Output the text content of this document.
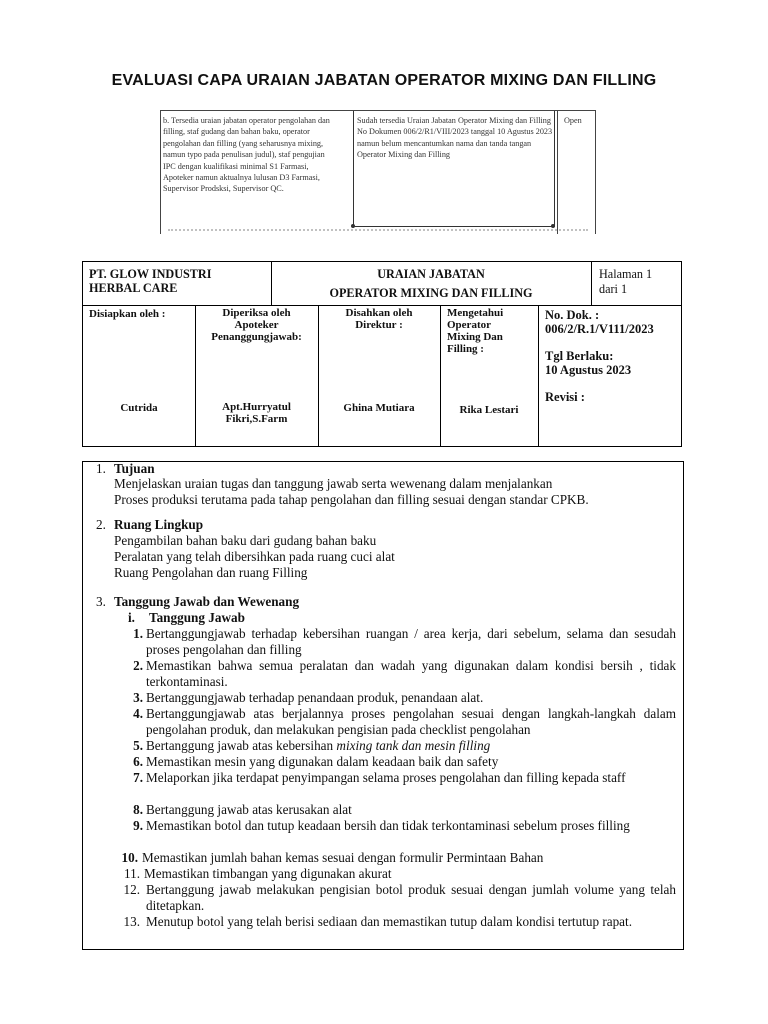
EVALUASI CAPA URAIAN JABATAN OPERATOR MIXING DAN FILLING
b. Tersedia uraian jabatan operator pengolahan dan filling, staf gudang dan bahan baku, operator pengolahan dan filling (yang seharusnya mixing, namun typo pada penulisan judul), staf pengujian IPC dengan kualifikasi minimal S1 Farmasi, Apoteker namun aktualnya lulusan D3 Farmasi, Supervisor Prodsksi, Supervisor QC.
Sudah tersedia Uraian Jabatan Operator Mixing dan Filling No Dokumen 006/2/R1/VIII/2023 tanggal 10 Agustus 2023 namun belum mencantumkan nama dan tanda tangan Operator Mixing dan Filling
Open
PT. GLOW INDUSTRI
HERBAL CARE
URAIAN JABATAN
OPERATOR MIXING DAN FILLING
Halaman 1
dari 1
Disiapkan oleh :
Cutrida
Diperiksa oleh
Apoteker
Penanggungjawab:
Apt.Hurryatul
Fikri,S.Farm
Disahkan oleh
Direktur :
Ghina Mutiara
Mengetahui
Operator
Mixing Dan
Filling :
Rika Lestari
No. Dok. :
006/2/R.1/V111/2023
Tgl Berlaku:
10 Agustus 2023
Revisi :
1. Tujuan
Menjelaskan uraian tugas dan tanggung jawab serta wewenang dalam menjalankan
Proses produksi terutama pada tahap pengolahan dan filling sesuai dengan standar CPKB.
2. Ruang Lingkup
Pengambilan bahan baku dari gudang bahan baku
Peralatan yang telah dibersihkan pada ruang cuci alat
Ruang Pengolahan dan ruang Filling
3. Tanggung Jawab dan Wewenang
i. Tanggung Jawab
1. Bertanggungjawab terhadap kebersihan ruangan / area kerja, dari sebelum, selama dan sesudah proses pengolahan dan filling
2. Memastikan bahwa semua peralatan dan wadah yang digunakan dalam kondisi bersih , tidak terkontaminasi.
3. Bertanggungjawab terhadap penandaan produk, penandaan alat.
4. Bertanggungjawab atas berjalannya proses pengolahan sesuai dengan langkah-langkah dalam pengolahan produk, dan melakukan pengisian pada checklist pengolahan
5. Bertanggung jawab atas kebersihan mixing tank dan mesin filling
6. Memastikan mesin yang digunakan dalam keadaan baik dan safety
7. Melaporkan jika terdapat penyimpangan selama proses pengolahan dan filling kepada staff
8. Bertanggung jawab atas kerusakan alat
9. Memastikan botol dan tutup keadaan bersih dan tidak terkontaminasi sebelum proses filling
10. Memastikan jumlah bahan kemas sesuai dengan formulir Permintaan Bahan
11. Memastikan timbangan yang digunakan akurat
12. Bertanggung jawab melakukan pengisian botol produk sesuai dengan jumlah volume yang telah ditetapkan.
13. Menutup botol yang telah berisi sediaan dan memastikan tutup dalam kondisi tertutup rapat.
